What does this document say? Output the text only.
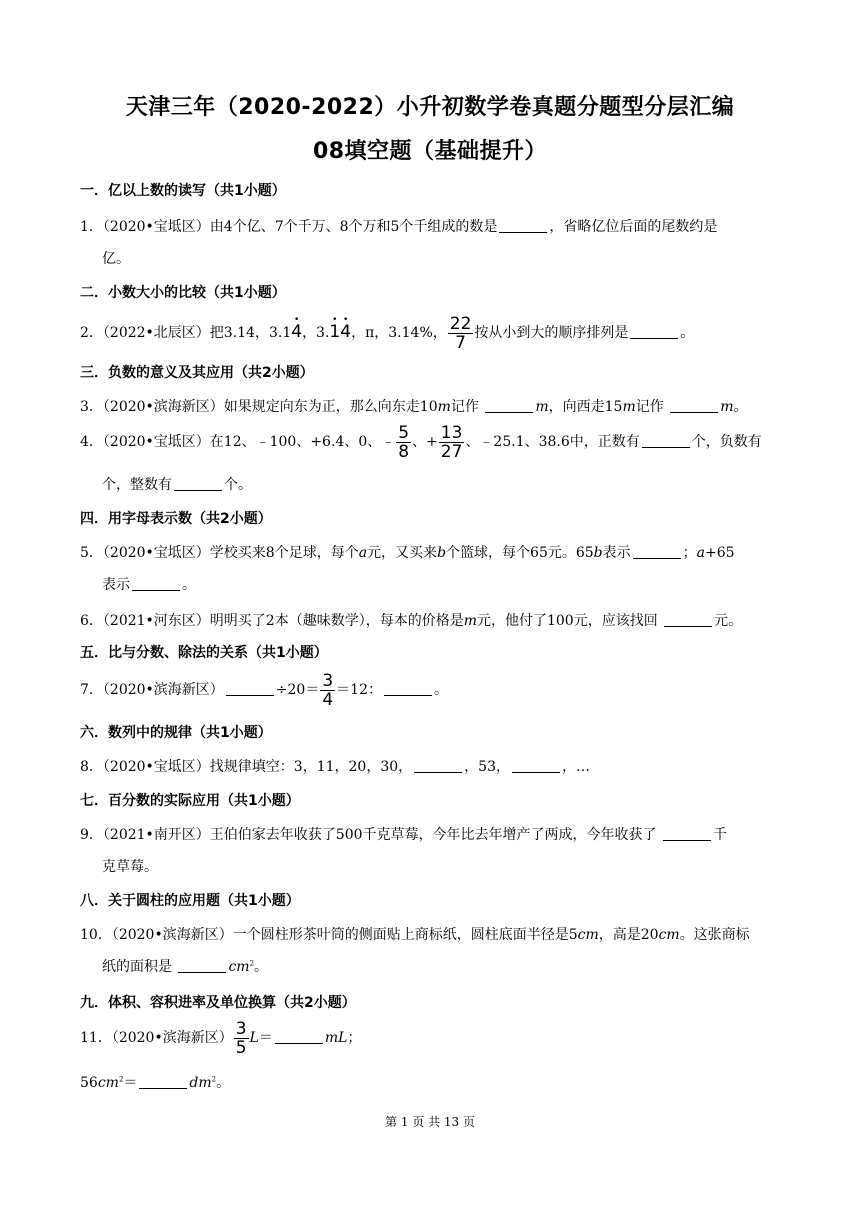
天津三年（2020-2022）小升初数学卷真题分题型分层汇编
08填空题（基础提升）
一．亿以上数的读写（共1小题）
1．（2020•宝坻区）由4个亿、7个千万、8个万和5个千组成的数是	，省略亿位后面的尾数约是
亿。
二．小数大小的比较（共1小题）
2．（2022•北辰区）把3.14，3.1• 4，3.• 1• 4，π，3.14%， $\frac{22}{7}$ 按从小到大的顺序排列是	。
三．负数的意义及其应用（共2小题）
3．（2020•滨海新区）如果规定向东为正，那么向东走10m记作	m，向西走15m记作	m。
4．（2020•宝坻区）在12、﹣100、+6.4、0、﹣ $\frac{5}{8}$ 、+ $\frac{13}{27}$ 、﹣25.1、38.6中，正数有	个，负数有
个，整数有	个。
四．用字母表示数（共2小题）
5．（2020•宝坻区）学校买来8个足球，每个a元，又买来b个篮球，每个65元。65b表示	；a+65
表示	。
6．（2021•河东区）明明买了2本（趣味数学），每本的价格是m元，他付了100元，应该找回	元。
五．比与分数、除法的关系（共1小题）
7．（2020•滨海新区）	$\div 20= \frac{3}{4} =12$：	。
六．数列中的规律（共1小题）
8．（2020•宝坻区）找规律填空：3，11，20，30，	，53，	，…
七．百分数的实际应用（共1小题）
9．（2021•南开区）王伯伯家去年收获了500千克草莓，今年比去年增产了两成，今年收获了	千
克草莓。
八．关于圆柱的应用题（共1小题）
10．（2020•滨海新区）一个圆柱形茶叶筒的侧面贴上商标纸，圆柱底面半径是5cm，高是20cm。这张商标
纸的面积是	$cm^2$。
九．体积、容积进率及单位换算（共2小题）
11．（2020•滨海新区） $\frac{3}{5} L=$	mL；
$56cm^2=$	$dm^2$。
第 1 页 共 13 页
